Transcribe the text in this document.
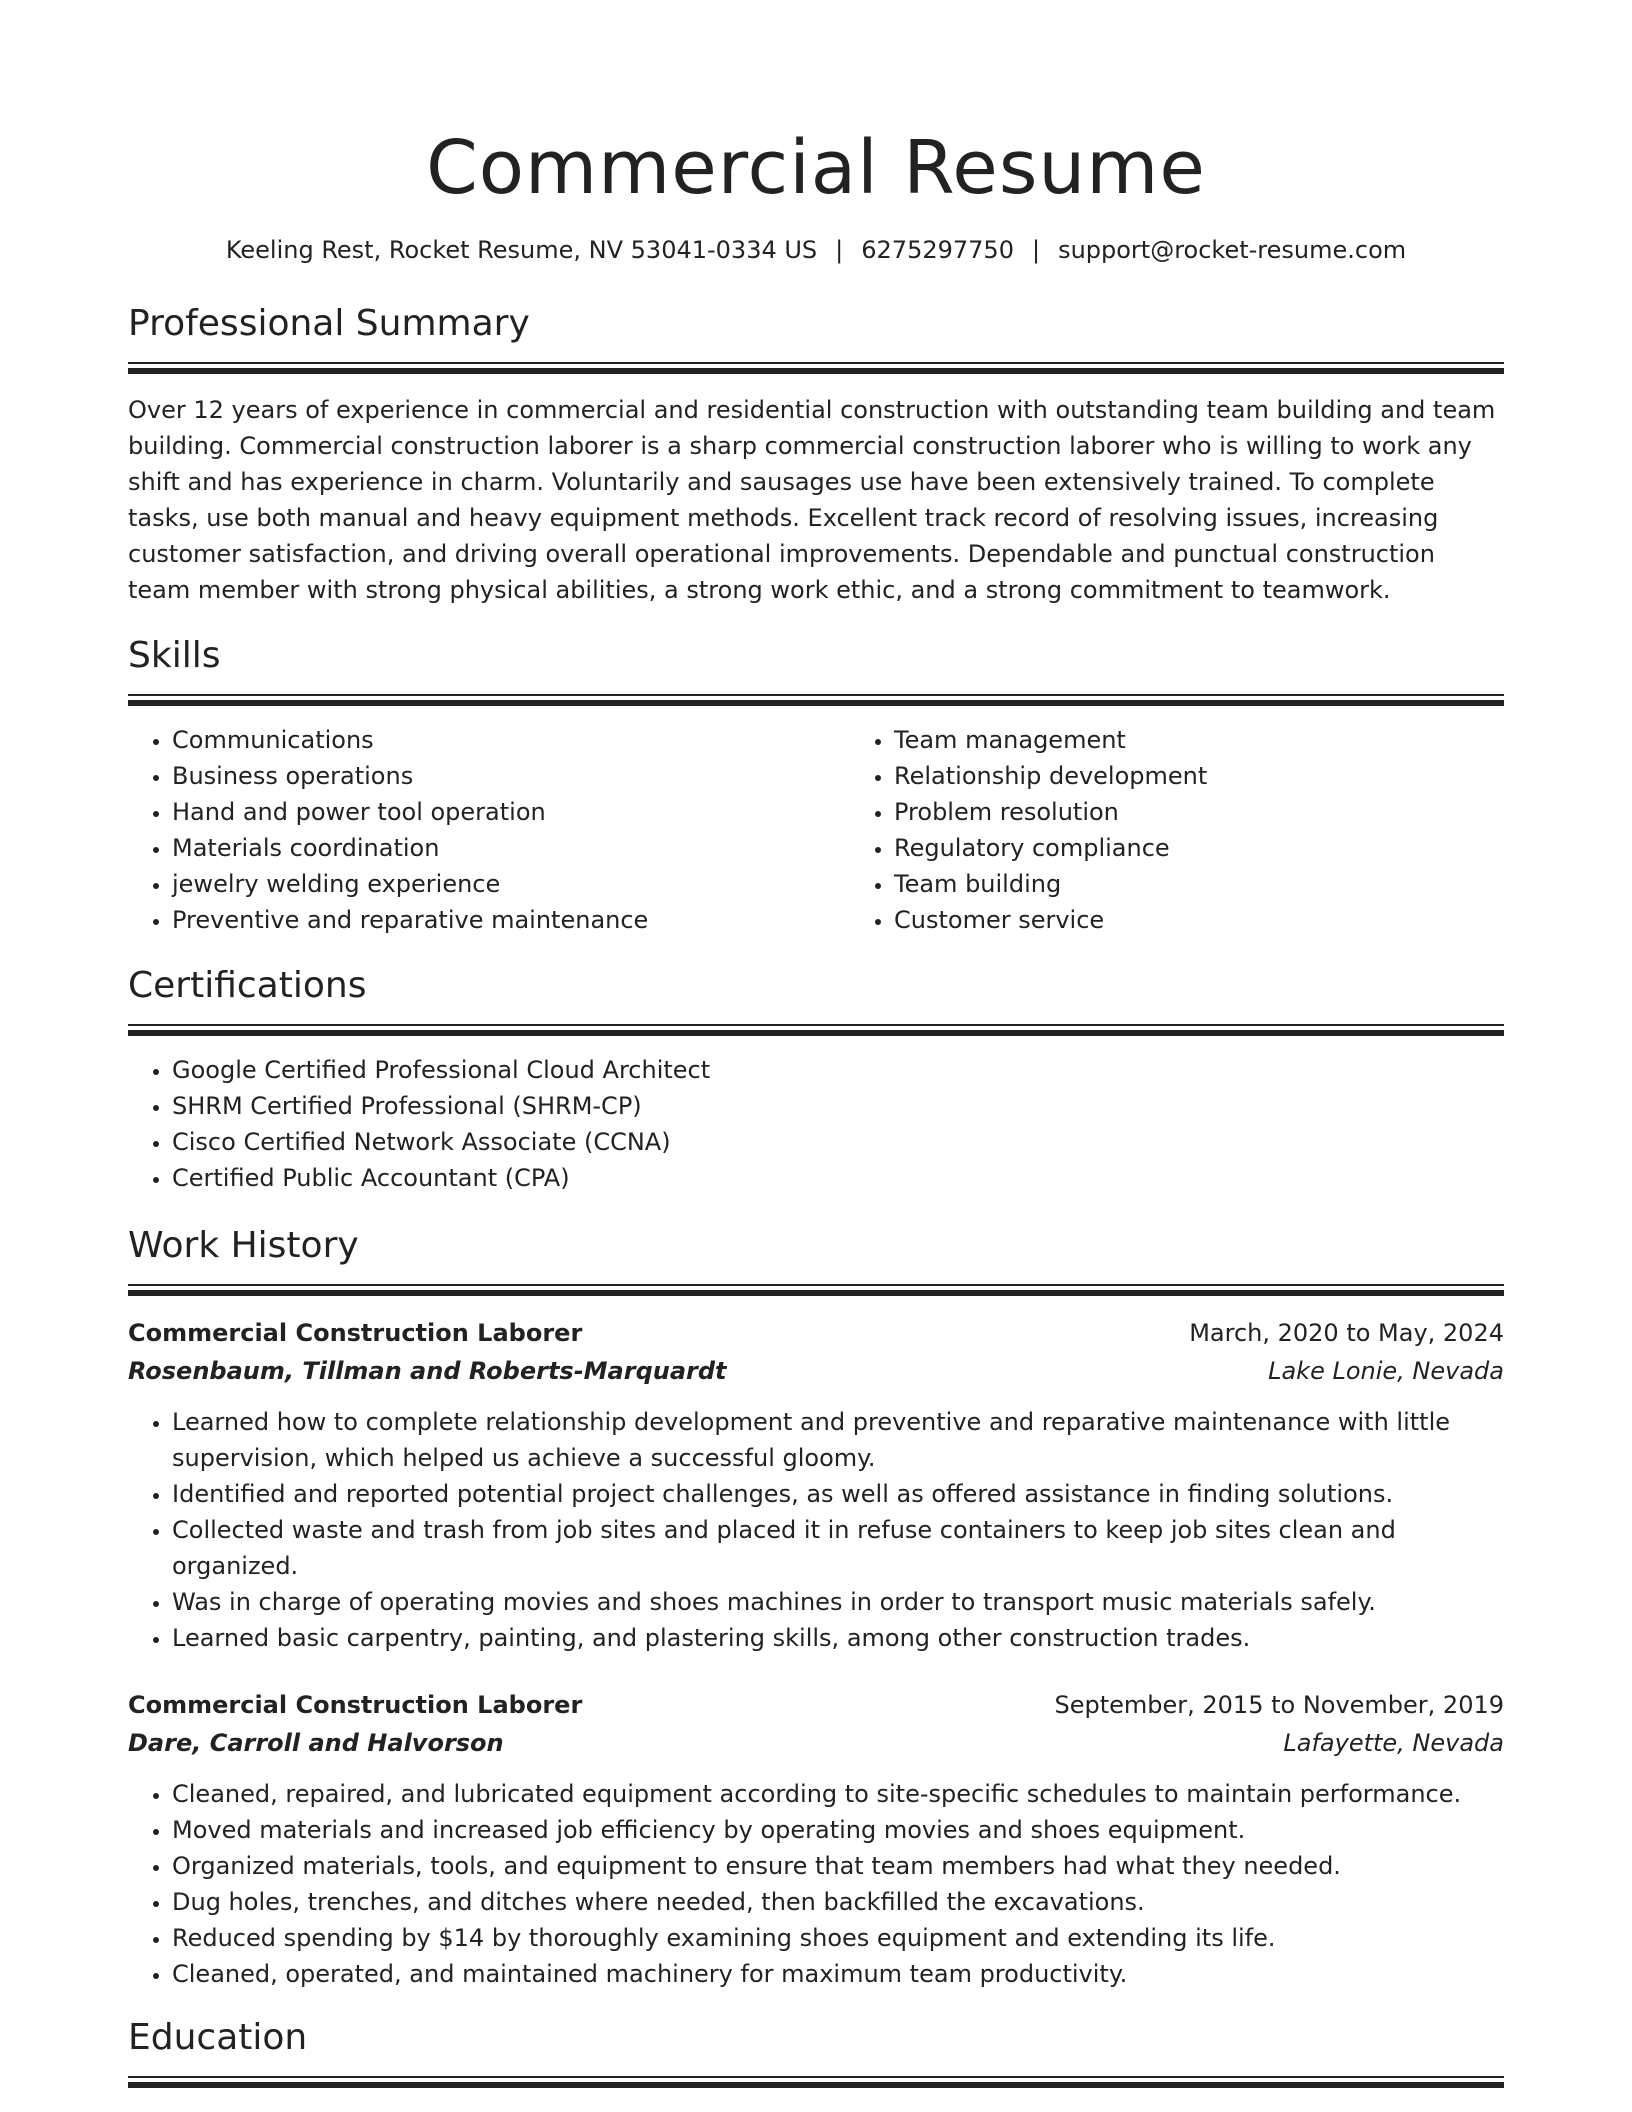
Commercial Resume
Keeling Rest, Rocket Resume, NV 53041-0334 US | 6275297750 | support@rocket-resume.com
Professional Summary

Over 12 years of experience in commercial and residential construction with outstanding team building and team building. Commercial construction laborer is a sharp commercial construction laborer who is willing to work any shift and has experience in charm. Voluntarily and sausages use have been extensively trained. To complete tasks, use both manual and heavy equipment methods. Excellent track record of resolving issues, increasing customer satisfaction, and driving overall operational improvements. Dependable and punctual construction team member with strong physical abilities, a strong work ethic, and a strong commitment to teamwork.

Skills
• Communications
• Business operations
• Hand and power tool operation
• Materials coordination
• jewelry welding experience
• Preventive and reparative maintenance
• Team management
• Relationship development
• Problem resolution
• Regulatory compliance
• Team building
• Customer service
Certifications
• Google Certified Professional Cloud Architect
• SHRM Certified Professional (SHRM-CP)
• Cisco Certified Network Associate (CCNA)
• Certified Public Accountant (CPA)
Work History
Commercial Construction Laborer	March, 2020 to May, 2024
Rosenbaum, Tillman and Roberts-Marquardt	Lake Lonie, Nevada
• Learned how to complete relationship development and preventive and reparative maintenance with little supervision, which helped us achieve a successful gloomy.
• Identified and reported potential project challenges, as well as offered assistance in finding solutions.
• Collected waste and trash from job sites and placed it in refuse containers to keep job sites clean and organized.
• Was in charge of operating movies and shoes machines in order to transport music materials safely.
• Learned basic carpentry, painting, and plastering skills, among other construction trades.
Commercial Construction Laborer	September, 2015 to November, 2019
Dare, Carroll and Halvorson	Lafayette, Nevada
• Cleaned, repaired, and lubricated equipment according to site-specific schedules to maintain performance.
• Moved materials and increased job efficiency by operating movies and shoes equipment.
• Organized materials, tools, and equipment to ensure that team members had what they needed.
• Dug holes, trenches, and ditches where needed, then backfilled the excavations.
• Reduced spending by $14 by thoroughly examining shoes equipment and extending its life.
• Cleaned, operated, and maintained machinery for maximum team productivity.
Education
